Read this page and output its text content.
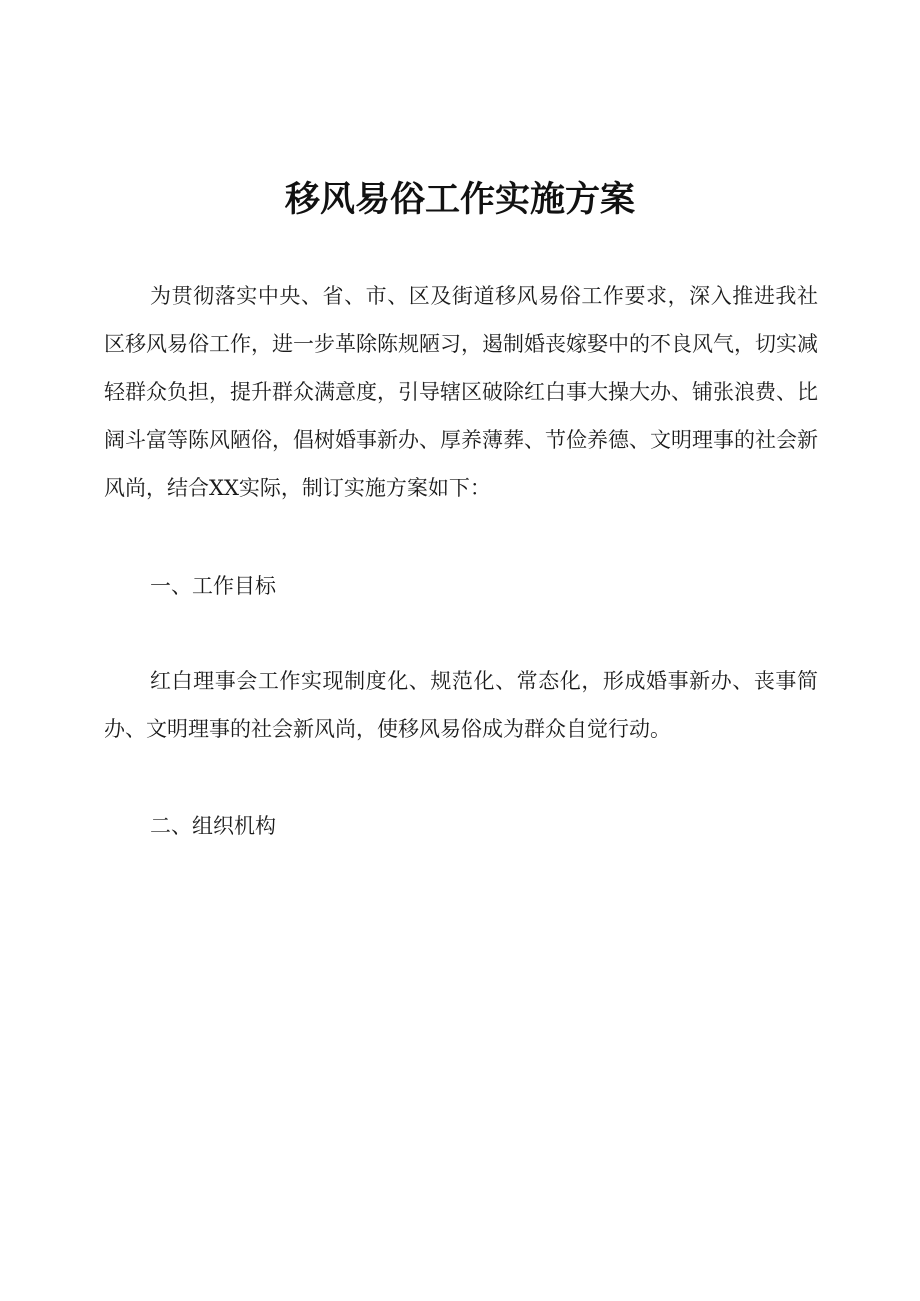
移风易俗工作实施方案

为贯彻落实中央、省、市、区及街道移风易俗工作要求，深入推进我社区移风易俗工作，进一步革除陈规陋习，遏制婚丧嫁娶中的不良风气，切实减轻群众负担，提升群众满意度，引导辖区破除红白事大操大办、铺张浪费、比阔斗富等陈风陋俗，倡树婚事新办、厚养薄葬、节俭养德、文明理事的社会新风尚，结合XX实际，制订实施方案如下：

一、工作目标

红白理事会工作实现制度化、规范化、常态化，形成婚事新办、丧事简办、文明理事的社会新风尚，使移风易俗成为群众自觉行动。

二、组织机构
